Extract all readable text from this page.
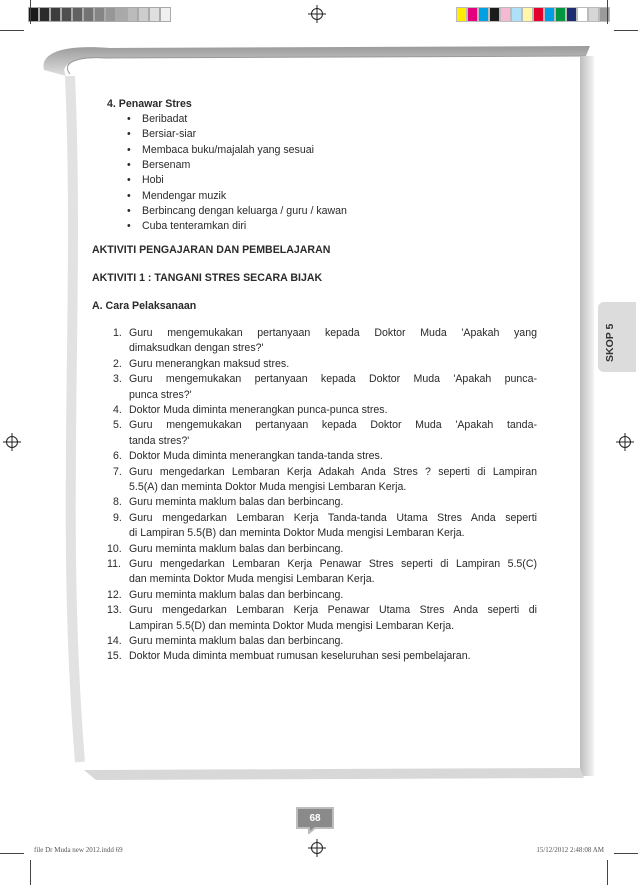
4. Penawar Stres
• Beribadat
• Bersiar-siar
• Membaca buku/majalah yang sesuai
• Bersenam
• Hobi
• Mendengar muzik
• Berbincang dengan keluarga / guru / kawan
• Cuba tenteramkan diri
AKTIVITI PENGAJARAN DAN PEMBELAJARAN
AKTIVITI 1 : TANGANI STRES SECARA BIJAK
A. Cara Pelaksanaan
1. Guru mengemukakan pertanyaan kepada Doktor Muda 'Apakah yang
dimaksudkan dengan stres?'
2. Guru menerangkan maksud stres.
3. Guru mengemukakan pertanyaan kepada Doktor Muda 'Apakah punca-
punca stres?'
4. Doktor Muda diminta menerangkan punca-punca stres.
5. Guru mengemukakan pertanyaan kepada Doktor Muda 'Apakah tanda-
tanda stres?'
6. Doktor Muda diminta menerangkan tanda-tanda stres.
7. Guru mengedarkan Lembaran Kerja Adakah Anda Stres ? seperti di Lampiran
5.5(A) dan meminta Doktor Muda mengisi Lembaran Kerja.
8. Guru meminta maklum balas dan berbincang.
9. Guru mengedarkan Lembaran Kerja Tanda-tanda Utama Stres Anda seperti
di Lampiran 5.5(B) dan meminta Doktor Muda mengisi Lembaran Kerja.
10. Guru meminta maklum balas dan berbincang.
11. Guru mengedarkan Lembaran Kerja Penawar Stres seperti di Lampiran 5.5(C)
dan meminta Doktor Muda mengisi Lembaran Kerja.
12. Guru meminta maklum balas dan berbincang.
13. Guru mengedarkan Lembaran Kerja Penawar Utama Stres Anda seperti di
Lampiran 5.5(D) dan meminta Doktor Muda mengisi Lembaran Kerja.
14. Guru meminta maklum balas dan berbincang.
15. Doktor Muda diminta membuat rumusan keseluruhan sesi pembelajaran.
SKOP 5
68
file Dr Muda new 2012.indd 69	15/12/2012 2:48:08 AM
